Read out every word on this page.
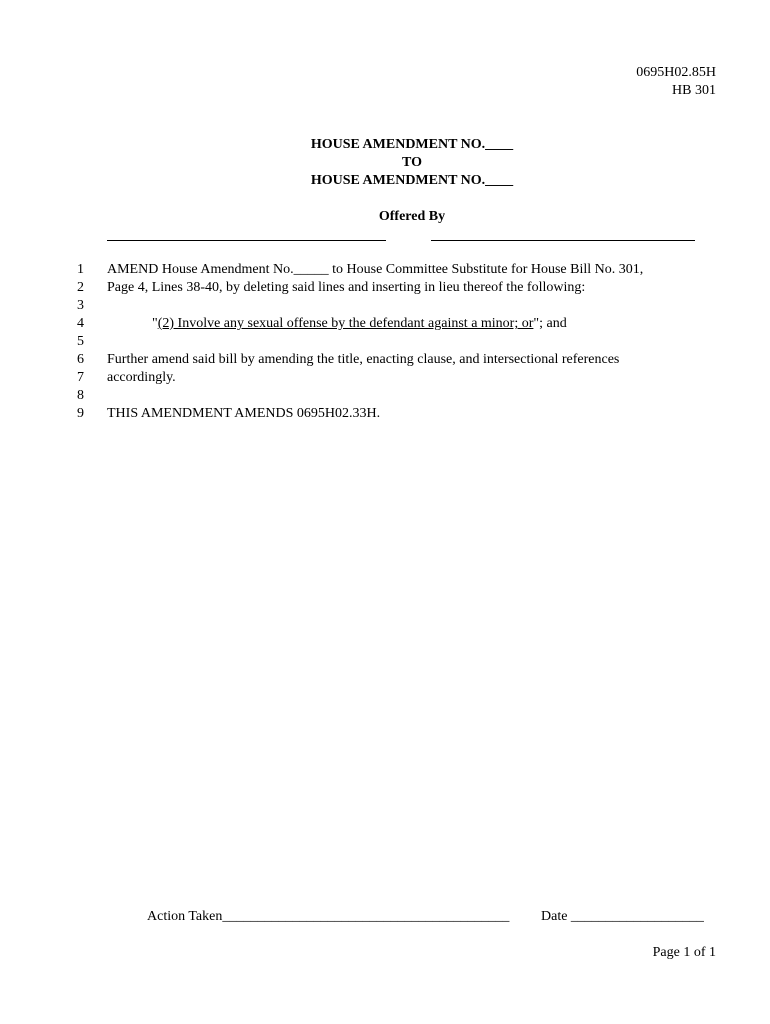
0695H02.85H
HB 301
HOUSE AMENDMENT NO.____
TO
HOUSE AMENDMENT NO.____
Offered By
1
2
3
4
5
6
7
8
9
AMEND House Amendment No._____ to House Committee Substitute for House Bill No. 301,
Page 4, Lines 38-40, by deleting said lines and inserting in lieu thereof the following:
"(2) Involve any sexual offense by the defendant against a minor; or"; and
Further amend said bill by amending the title, enacting clause, and intersectional references
accordingly.
THIS AMENDMENT AMENDS 0695H02.33H.
Action Taken_________________________________________ Date ___________________
Page 1 of 1
